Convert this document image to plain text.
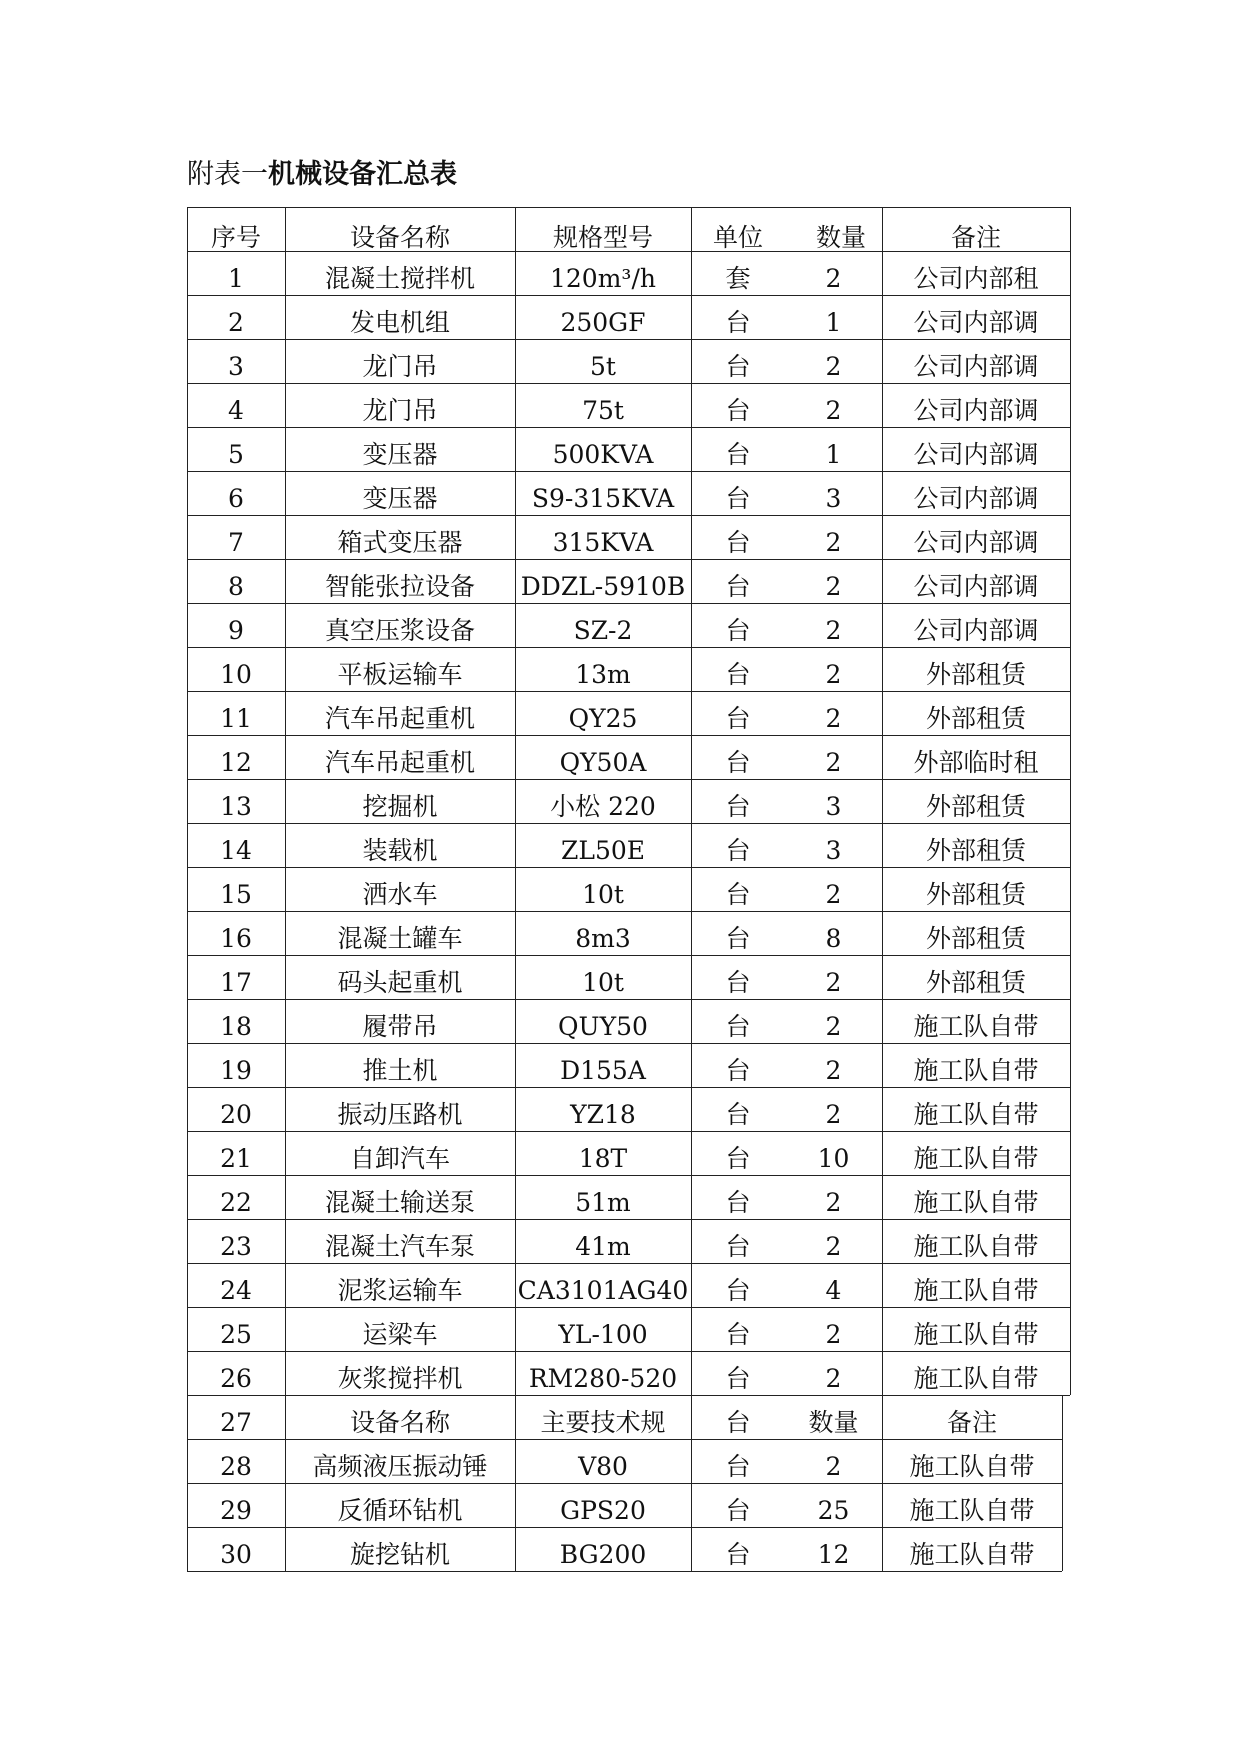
附表一机械设备汇总表
序号	设备名称	规格型号	单位	数量	备注
1	混凝土搅拌机	120m³/h	套	2	公司内部租
2	发电机组	250GF	台	1	公司内部调
3	龙门吊	5t	台	2	公司内部调
4	龙门吊	75t	台	2	公司内部调
5	变压器	500KVA	台	1	公司内部调
6	变压器	S9-315KVA	台	3	公司内部调
7	箱式变压器	315KVA	台	2	公司内部调
8	智能张拉设备	DDZL-5910B	台	2	公司内部调
9	真空压浆设备	SZ-2	台	2	公司内部调
10	平板运输车	13m	台	2	外部租赁
11	汽车吊起重机	QY25	台	2	外部租赁
12	汽车吊起重机	QY50A	台	2	外部临时租
13	挖掘机	小松 220	台	3	外部租赁
14	装载机	ZL50E	台	3	外部租赁
15	洒水车	10t	台	2	外部租赁
16	混凝土罐车	8m3	台	8	外部租赁
17	码头起重机	10t	台	2	外部租赁
18	履带吊	QUY50	台	2	施工队自带
19	推土机	D155A	台	2	施工队自带
20	振动压路机	YZ18	台	2	施工队自带
21	自卸汽车	18T	台	10	施工队自带
22	混凝土输送泵	51m	台	2	施工队自带
23	混凝土汽车泵	41m	台	2	施工队自带
24	泥浆运输车	CA3101AG40	台	4	施工队自带
25	运梁车	YL-100	台	2	施工队自带
26	灰浆搅拌机	RM280-520	台	2	施工队自带
27	设备名称	主要技术规	台	数量	备注
28	高频液压振动锤	V80	台	2	施工队自带
29	反循环钻机	GPS20	台	25	施工队自带
30	旋挖钻机	BG200	台	12	施工队自带
